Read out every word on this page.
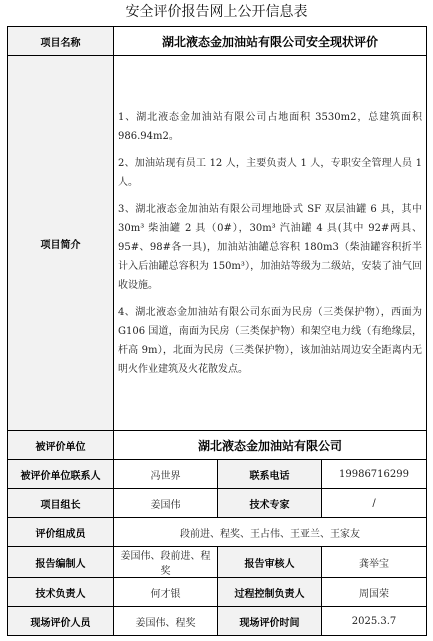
安全评价报告网上公开信息表
项目名称	湖北液态金加油站有限公司安全现状评价		
项目简介	1、湖北液态金加油站有限公司占地面积 3530m2，总建筑面积 986.94m2。

2、加油站现有员工 12 人，主要负责人 1 人，专职安全管理人员 1 人。

3、湖北液态金加油站有限公司埋地卧式 SF 双层油罐 6 具，其中 30m³ 柴油罐 2 具（0#），30m³ 汽油罐 4 具(其中 92#两具、95#、98#各一具)，加油站油罐总容积 180m3（柴油罐容积折半计入后油罐总容积为 150m³），加油站等级为二级站，安装了油气回收设施。

4、湖北液态金加油站有限公司东面为民房（三类保护物），西面为 G106 国道，南面为民房（三类保护物）和架空电力线（有绝缘层，杆高 9m），北面为民房（三类保护物），该加油站周边安全距离内无明火作业建筑及火花散发点。		

被评价单位	湖北液态金加油站有限公司		
被评价单位联系人	冯世界	联系电话	19986716299
项目组长	姜国伟	技术专家	/
评价组成员	段前进、程奖、王占伟、王亚兰、王家友		
报告编制人	姜国伟、段前进、程奖	报告审核人	龚举宝
技术负责人	何才银	过程控制负责人	周国荣
现场评价人员	姜国伟、程奖	现场评价时间	2025.3.7
